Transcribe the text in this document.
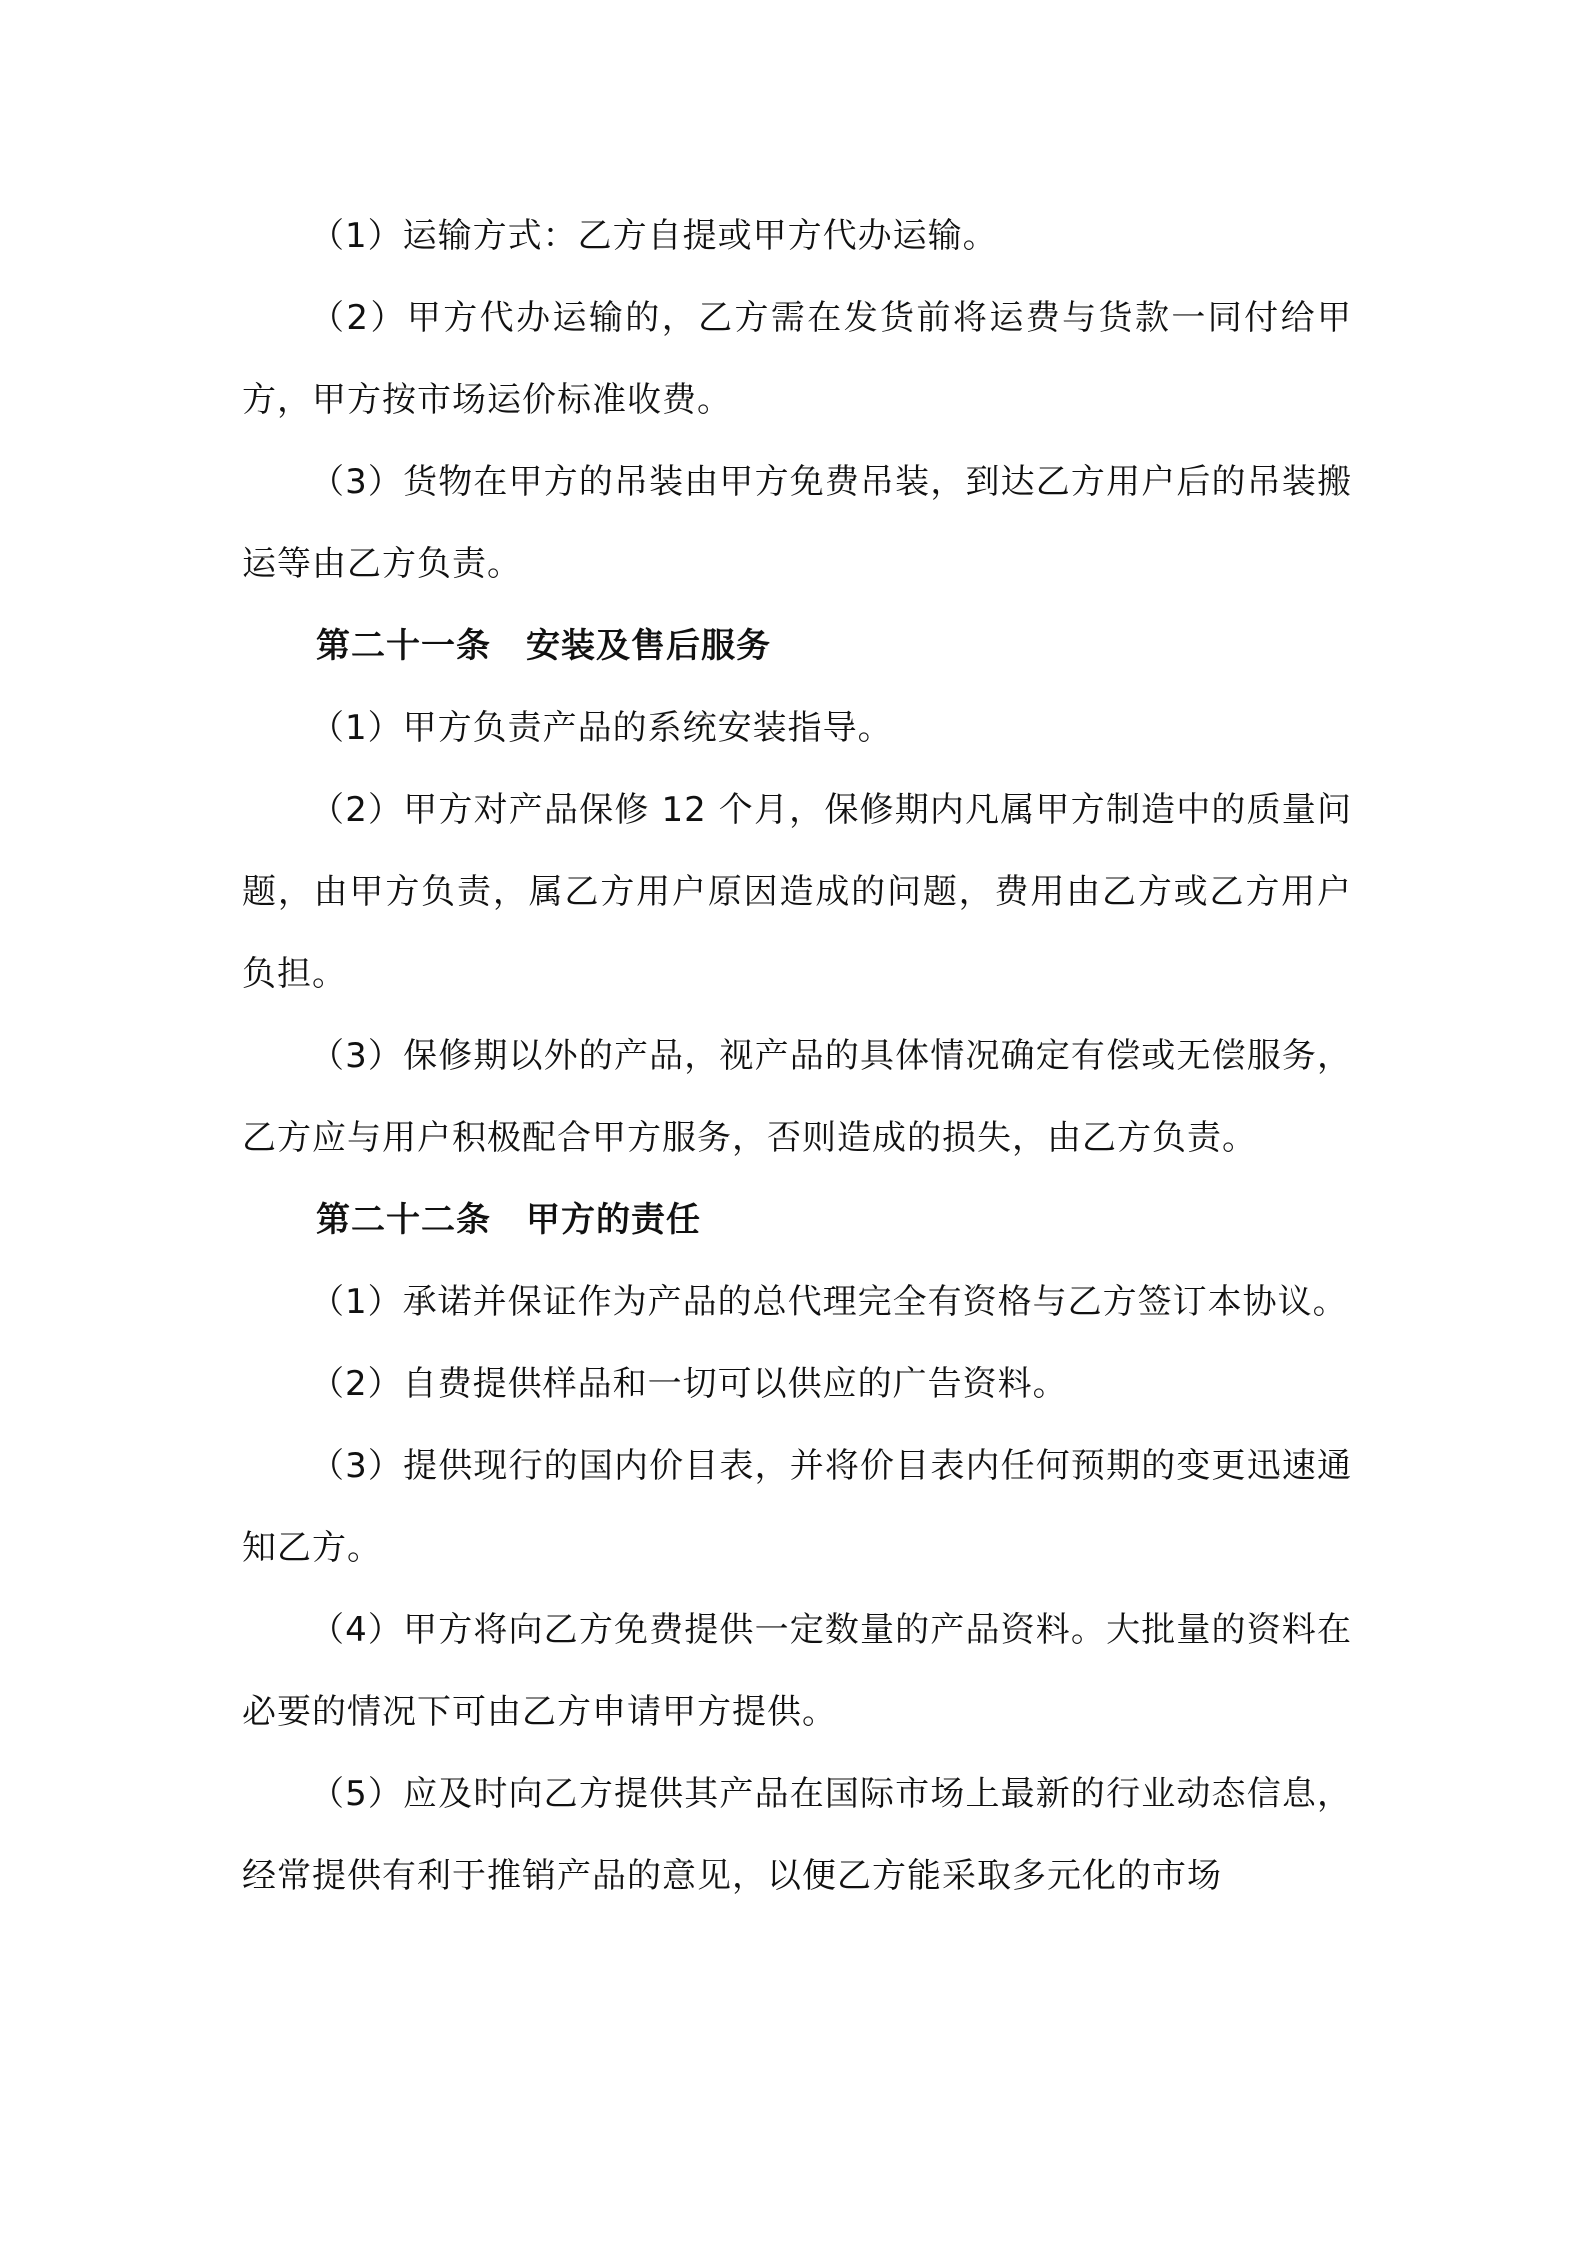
（1）运输方式：乙方自提或甲方代办运输。

（2）甲方代办运输的，乙方需在发货前将运费与货款一同付给甲方，甲方按市场运价标准收费。

（3）货物在甲方的吊装由甲方免费吊装，到达乙方用户后的吊装搬运等由乙方负责。

第二十一条　安装及售后服务

（1）甲方负责产品的系统安装指导。

（2）甲方对产品保修 12 个月，保修期内凡属甲方制造中的质量问题，由甲方负责，属乙方用户原因造成的问题，费用由乙方或乙方用户负担。

（3）保修期以外的产品，视产品的具体情况确定有偿或无偿服务，乙方应与用户积极配合甲方服务，否则造成的损失，由乙方负责。

第二十二条　甲方的责任

（1）承诺并保证作为产品的总代理完全有资格与乙方签订本协议。

（2）自费提供样品和一切可以供应的广告资料。

（3）提供现行的国内价目表，并将价目表内任何预期的变更迅速通知乙方。

（4）甲方将向乙方免费提供一定数量的产品资料。大批量的资料在必要的情况下可由乙方申请甲方提供。

（5）应及时向乙方提供其产品在国际市场上最新的行业动态信息，经常提供有利于推销产品的意见，以便乙方能采取多元化的市场
